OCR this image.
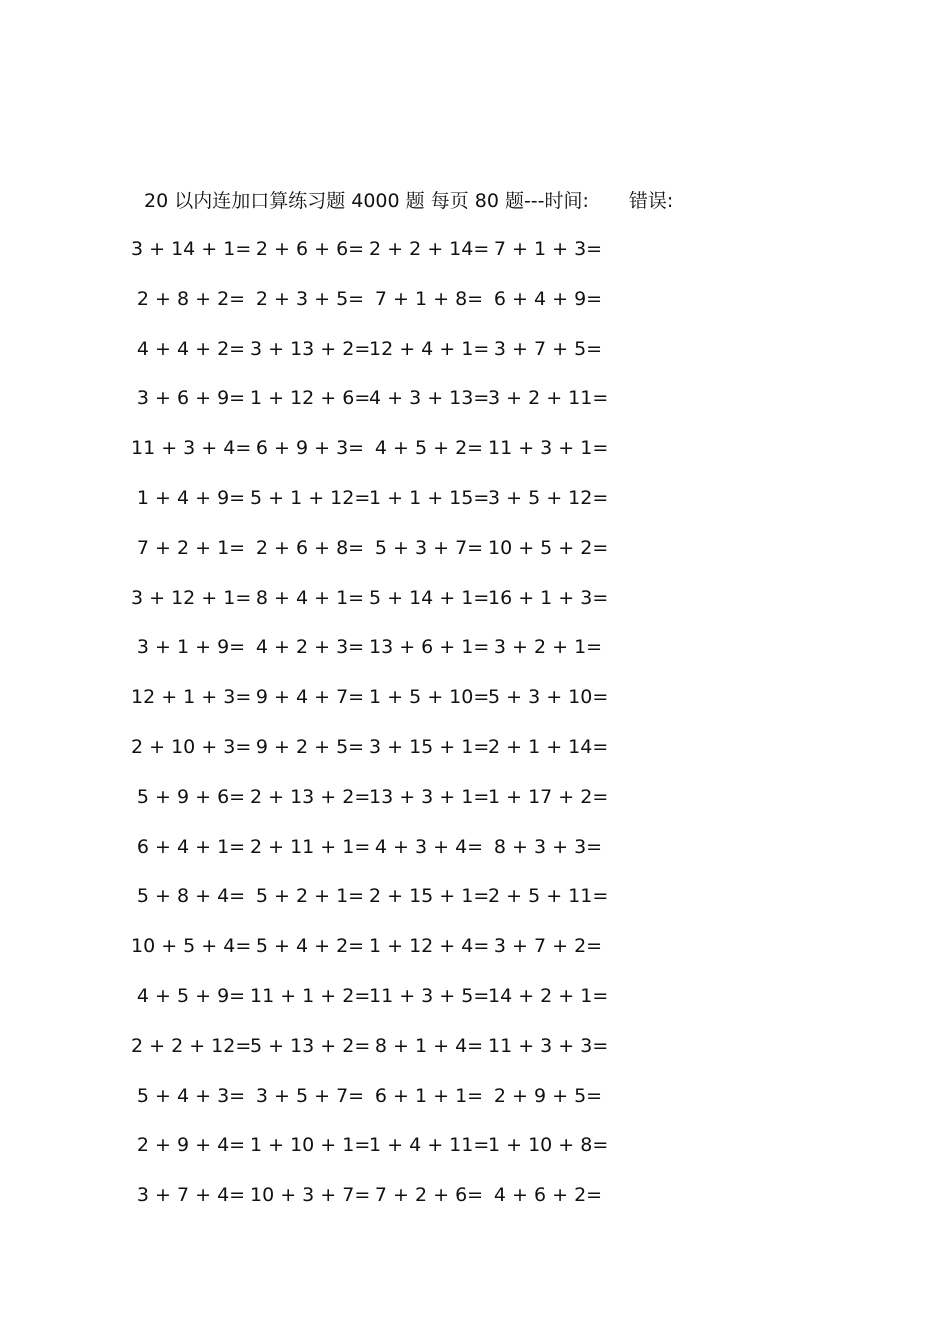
20 以内连加口算练习题 4000 题 每页 80 题--- 时间: 错误:
3 + 14 + 1= 2 + 6 + 6= 2 + 2 + 14= 7 + 1 + 3=
2 + 8 + 2= 2 + 3 + 5= 7 + 1 + 8= 6 + 4 + 9=
4 + 4 + 2= 3 + 13 + 2=
12 + 4 + 1= 3 + 7 + 5=
3 + 6 + 9= 1 + 12 + 6=
4 + 3 + 13=
3 + 2 + 11=
11 + 3 + 4= 6 + 9 + 3= 4 + 5 + 2= 11 + 3 + 1=
1 + 4 + 9= 5 + 1 + 12=
1 + 1 + 15=
3 + 5 + 12=
7 + 2 + 1= 2 + 6 + 8= 5 + 3 + 7= 10 + 5 + 2=
3 + 12 + 1= 8 + 4 + 1= 5 + 14 + 1=
16 + 1 + 3=
3 + 1 + 9= 4 + 2 + 3= 13 + 6 + 1= 3 + 2 + 1=
12 + 1 + 3= 9 + 4 + 7= 1 + 5 + 10=
5 + 3 + 10=
2 + 10 + 3= 9 + 2 + 5= 3 + 15 + 1=
2 + 1 + 14=
5 + 9 + 6= 2 + 13 + 2=
13 + 3 + 1=
1 + 17 + 2=
6 + 4 + 1= 2 + 11 + 1= 4 + 3 + 4= 8 + 3 + 3=
5 + 8 + 4= 5 + 2 + 1= 2 + 15 + 1=
2 + 5 + 11=
10 + 5 + 4= 5 + 4 + 2= 1 + 12 + 4= 3 + 7 + 2=
4 + 5 + 9= 11 + 1 + 2=
11 + 3 + 5=
14 + 2 + 1=
2 + 2 + 12=
5 + 13 + 2= 8 + 1 + 4= 11 + 3 + 3=
5 + 4 + 3= 3 + 5 + 7= 6 + 1 + 1= 2 + 9 + 5=
2 + 9 + 4= 1 + 10 + 1=
1 + 4 + 11=
1 + 10 + 8=
3 + 7 + 4= 10 + 3 + 7= 7 + 2 + 6= 4 + 6 + 2=
